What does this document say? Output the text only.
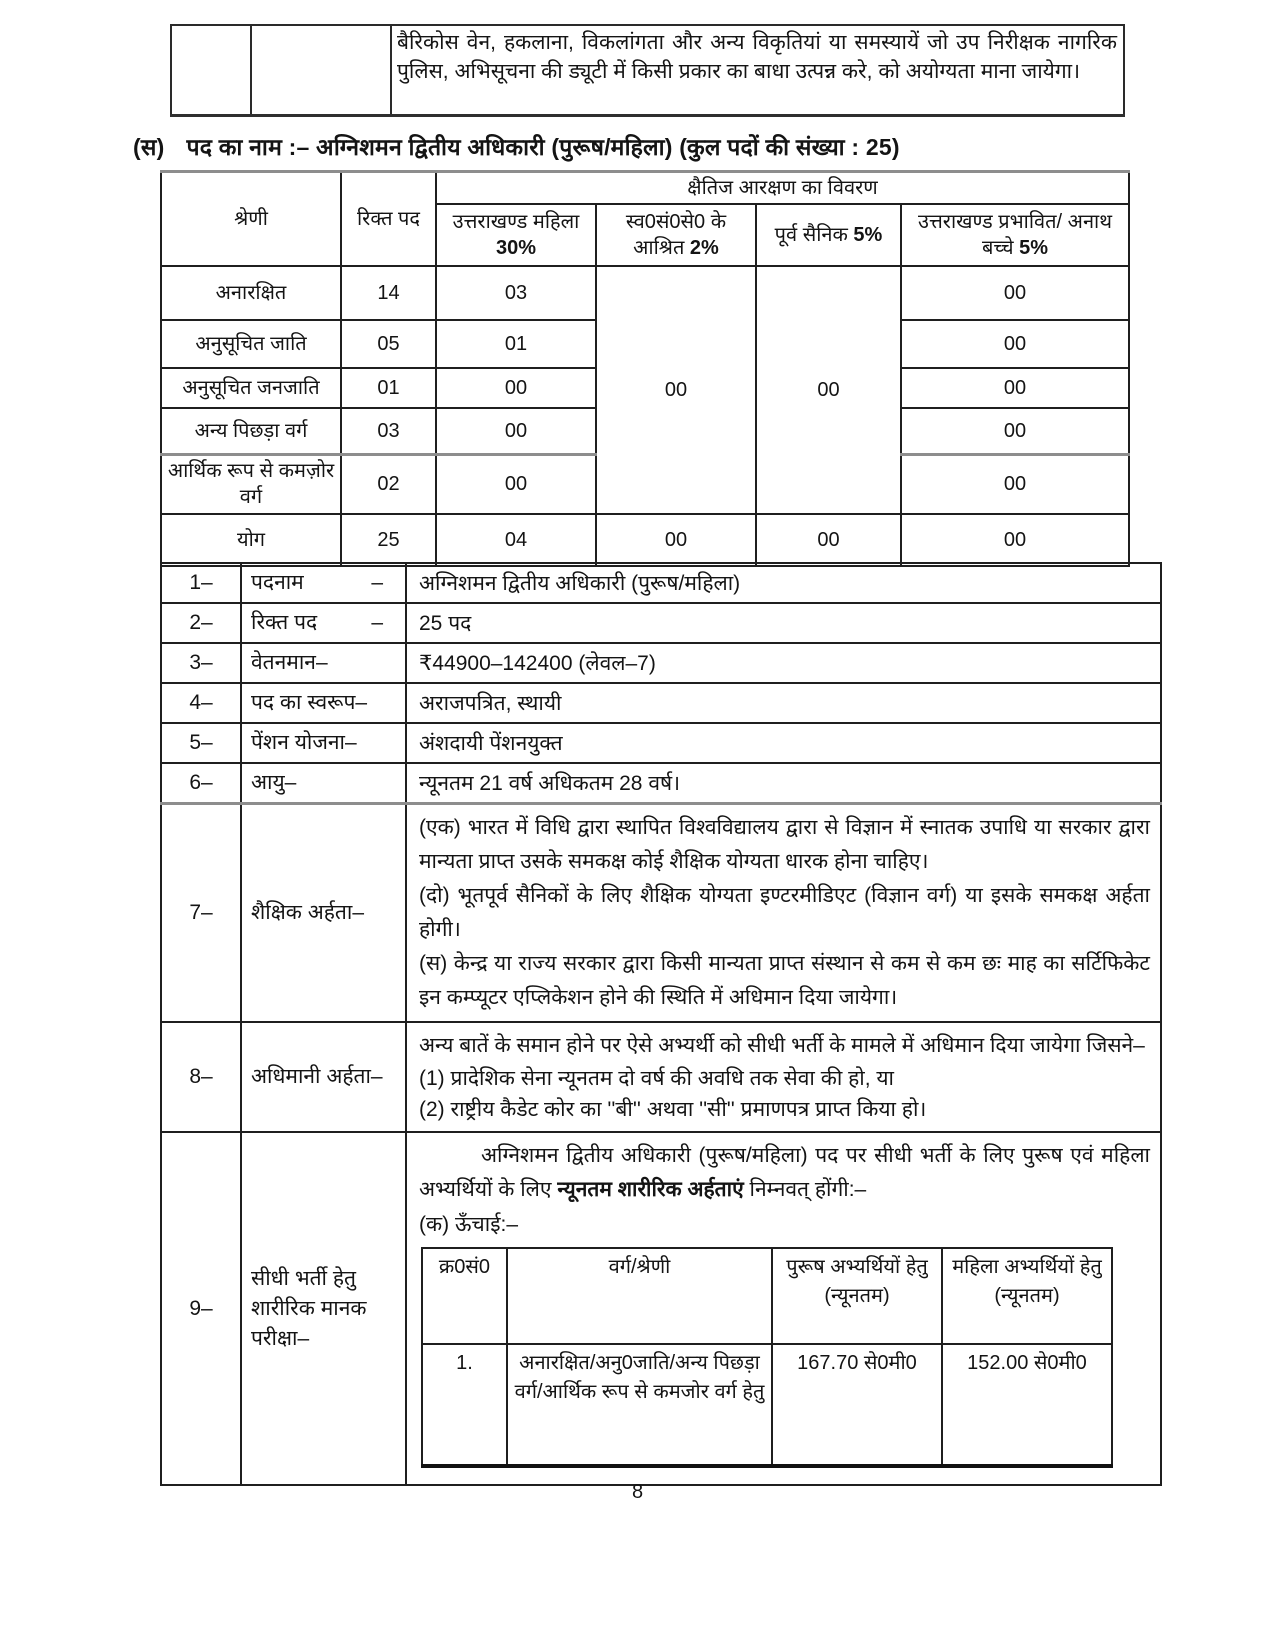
बैरिकोस वेन, हकलाना, विकलांगता और अन्य विकृतियां या समस्यायें जो उप निरीक्षक नागरिक पुलिस, अभिसूचना की ड्यूटी में किसी प्रकार का बाधा उत्पन्न करे, को अयोग्यता माना जायेगा।
(स) पद का नाम :– अग्निशमन द्वितीय अधिकारी (पुरूष/महिला) (कुल पदों की संख्या : 25)
श्रेणी	रिक्त पद	क्षैतिज आरक्षण का विवरण			
		उत्तराखण्ड महिला 30%	स्व0सं0से0 के आश्रित 2%	पूर्व सैनिक 5%	उत्तराखण्ड प्रभावित/ अनाथ बच्चे 5%
अनारक्षित	14	03	00	00	00
अनुसूचित जाति	05	01			00
अनुसूचित जनजाति	01	00			00
अन्य पिछड़ा वर्ग	03	00			00
आर्थिक रूप से कमज़ोर वर्ग	02	00			00
योग	25	04	00	00	00
1–	पदनाम	–	अग्निशमन द्वितीय अधिकारी (पुरूष/महिला)
2–	रिक्त पद	–	25 पद
3–	वेतनमान–	₹44900–142400 (लेवल–7)
4–	पद का स्वरूप–	अराजपत्रित, स्थायी
5–	पेंशन योजना–	अंशदायी पेंशनयुक्त
6–	आयु–	न्यूनतम 21 वर्ष अधिकतम 28 वर्ष।
7–	शैक्षिक अर्हता–	

(एक) भारत में विधि द्वारा स्थापित विश्वविद्यालय द्वारा से विज्ञान में स्नातक उपाधि या सरकार द्वारा मान्यता प्राप्त उसके समकक्ष कोई शैक्षिक योग्यता धारक होना चाहिए।

(दो) भूतपूर्व सैनिकों के लिए शैक्षिक योग्यता इण्टरमीडिएट (विज्ञान वर्ग) या इसके समकक्ष अर्हता होगी।

(स) केन्द्र या राज्य सरकार द्वारा किसी मान्यता प्राप्त संस्थान से कम से कम छः माह का सर्टिफिकेट इन कम्प्यूटर एप्लिकेशन होने की स्थिति में अधिमान दिया जायेगा।

8–	अधिमानी अर्हता–	

अन्य बातें के समान होने पर ऐसे अभ्यर्थी को सीधी भर्ती के मामले में अधिमान दिया जायेगा जिसने–

(1) प्रादेशिक सेना न्यूनतम दो वर्ष की अवधि तक सेवा की हो, या

(2) राष्ट्रीय कैडेट कोर का ''बी'' अथवा ''सी'' प्रमाणपत्र प्राप्त किया हो।

9–	सीधी भर्ती हेतु शारीरिक मानक परीक्षा–	

अग्निशमन द्वितीय अधिकारी (पुरूष/महिला) पद पर सीधी भर्ती के लिए पुरूष एवं महिला अभ्यर्थियों के लिए न्यूनतम शारीरिक अर्हताएं निम्नवत् होंगी:–

(क) ऊँचाई:–
क्र0सं0	वर्ग/श्रेणी	पुरूष अभ्यर्थियों हेतु (न्यूनतम)	महिला अभ्यर्थियों हेतु (न्यूनतम)
1.	अनारक्षित/अनु0जाति/अन्य पिछड़ा वर्ग/आर्थिक रूप से कमजोर वर्ग हेतु	167.70 से0मी0	152.00 से0मी0
8
